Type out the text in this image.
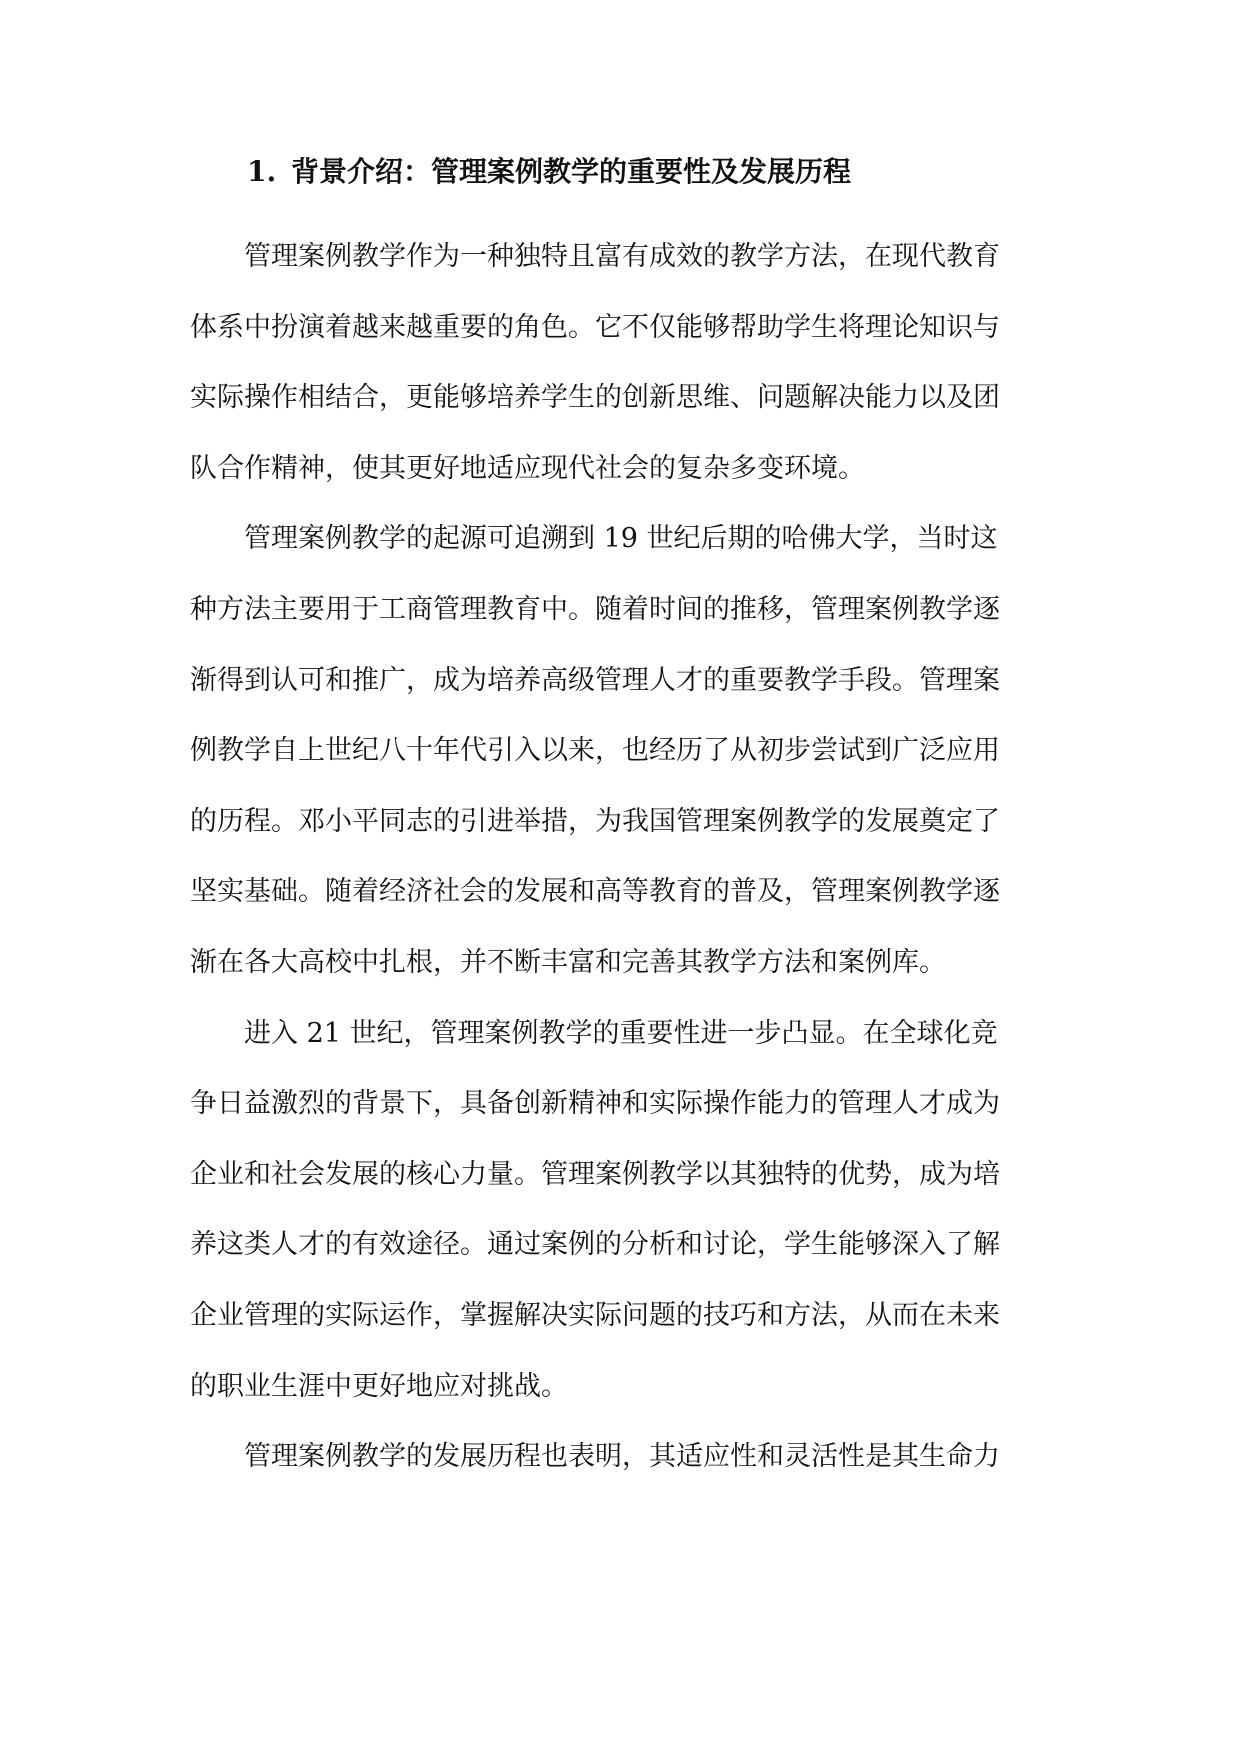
1. 背景介绍：管理案例教学的重要性及发展历程

管理案例教学作为一种独特且富有成效的教学方法，在现代教育
体系中扮演着越来越重要的角色。它不仅能够帮助学生将理论知识与
实际操作相结合，更能够培养学生的创新思维、问题解决能力以及团
队合作精神，使其更好地适应现代社会的复杂多变环境。

管理案例教学的起源可追溯到 19 世纪后期的哈佛大学，当时这
种方法主要用于工商管理教育中。随着时间的推移，管理案例教学逐
渐得到认可和推广，成为培养高级管理人才的重要教学手段。管理案
例教学自上世纪八十年代引入以来，也经历了从初步尝试到广泛应用
的历程。邓小平同志的引进举措，为我国管理案例教学的发展奠定了
坚实基础。随着经济社会的发展和高等教育的普及，管理案例教学逐
渐在各大高校中扎根，并不断丰富和完善其教学方法和案例库。

进入 21 世纪，管理案例教学的重要性进一步凸显。在全球化竞
争日益激烈的背景下，具备创新精神和实际操作能力的管理人才成为
企业和社会发展的核心力量。管理案例教学以其独特的优势，成为培
养这类人才的有效途径。通过案例的分析和讨论，学生能够深入了解
企业管理的实际运作，掌握解决实际问题的技巧和方法，从而在未来
的职业生涯中更好地应对挑战。

管理案例教学的发展历程也表明，其适应性和灵活性是其生命力
